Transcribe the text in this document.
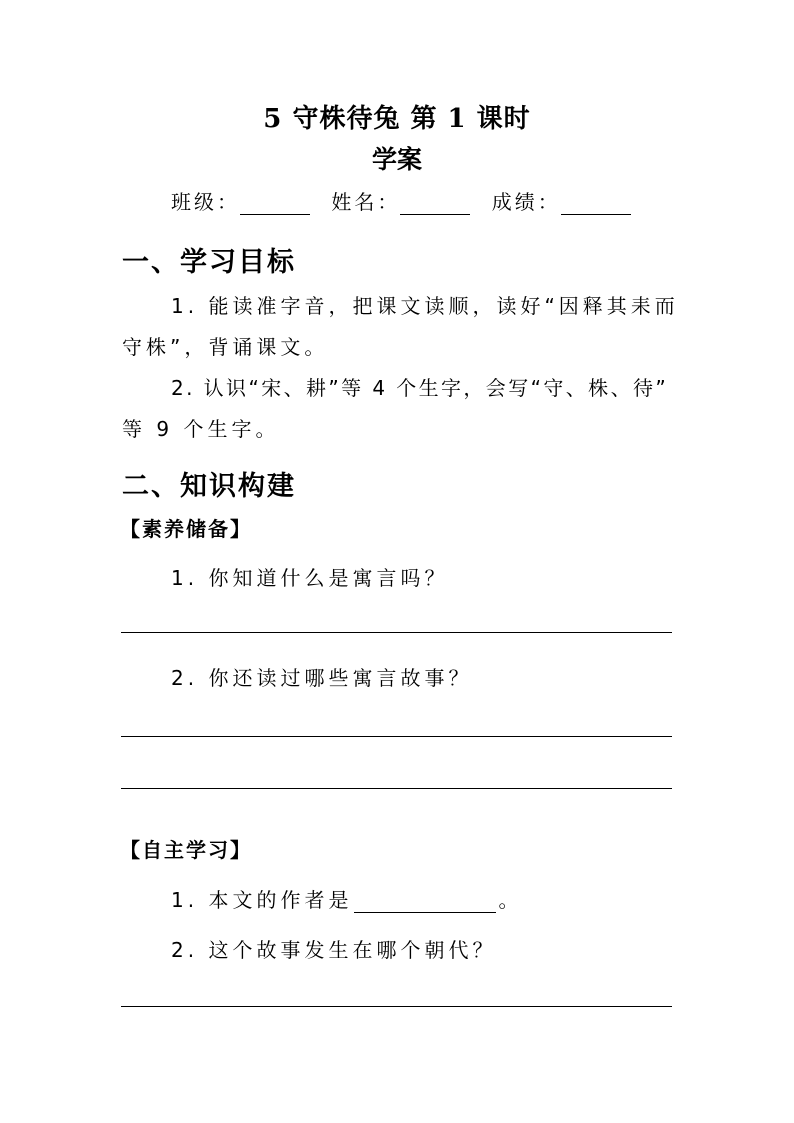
5 守株待兔 第 1 课时
学案
班级：	姓名：	成绩：
一、学习目标
1. 能读准字音，把课文读顺，读好“因释其耒而
守株”，背诵课文。
2. 认识“宋、耕”等 4 个生字，会写“守、株、待”
等 9 个生字。
二、知识构建
【素养储备】
1. 你知道什么是寓言吗？
2. 你还读过哪些寓言故事？
【自主学习】
1. 本文的作者是	。
2. 这个故事发生在哪个朝代？
